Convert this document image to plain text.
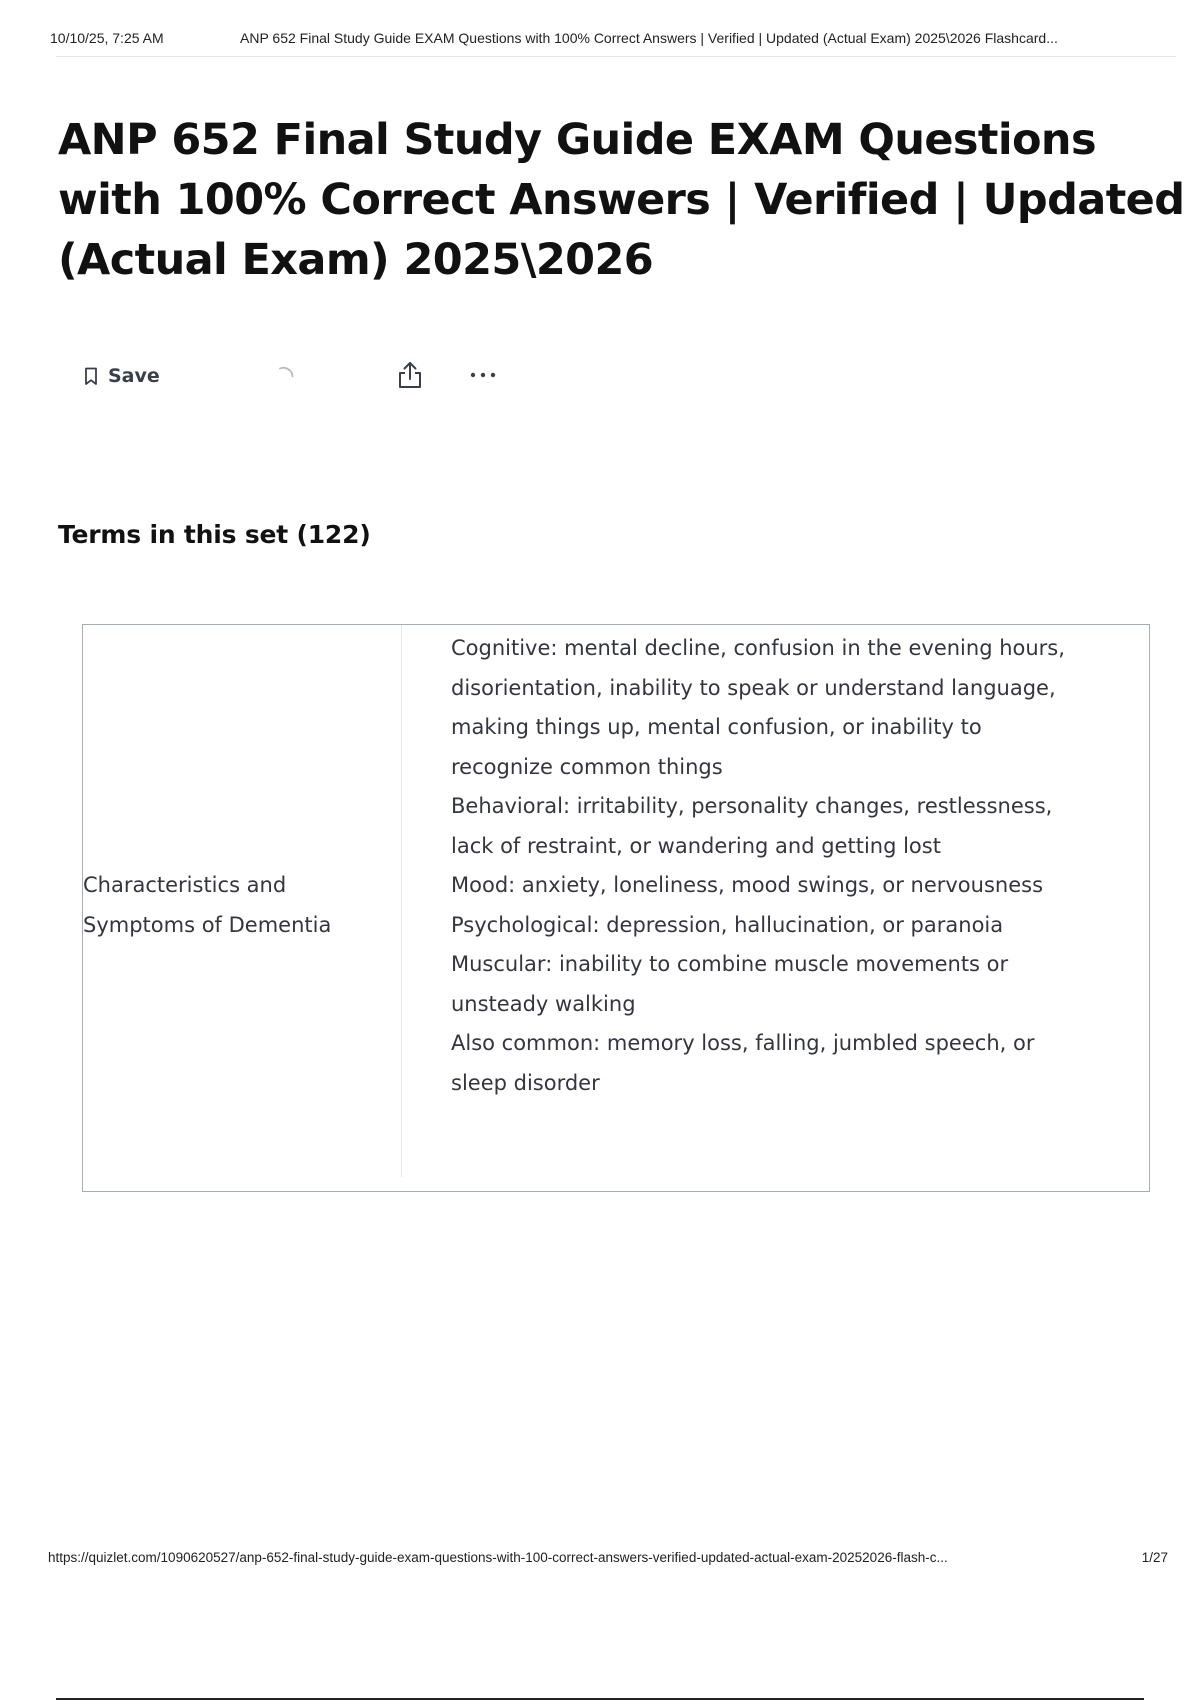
10/10/25, 7:25 AM	ANP 652 Final Study Guide EXAM Questions with 100% Correct Answers | Verified | Updated (Actual Exam) 2025\2026 Flashcard...
ANP 652 Final Study Guide EXAM Questions with 100% Correct Answers | Verified | Updated (Actual Exam) 2025\2026
Save
Terms in this set (122)
Characteristics and Symptoms of Dementia
Cognitive: mental decline, confusion in the evening hours, disorientation, inability to speak or understand language, making things up, mental confusion, or inability to recognize common things
Behavioral: irritability, personality changes, restlessness, lack of restraint, or wandering and getting lost
Mood: anxiety, loneliness, mood swings, or nervousness
Psychological: depression, hallucination, or paranoia
Muscular: inability to combine muscle movements or unsteady walking
Also common: memory loss, falling, jumbled speech, or sleep disorder
https://quizlet.com/1090620527/anp-652-final-study-guide-exam-questions-with-100-correct-answers-verified-updated-actual-exam-20252026-flash-c...	1/27
